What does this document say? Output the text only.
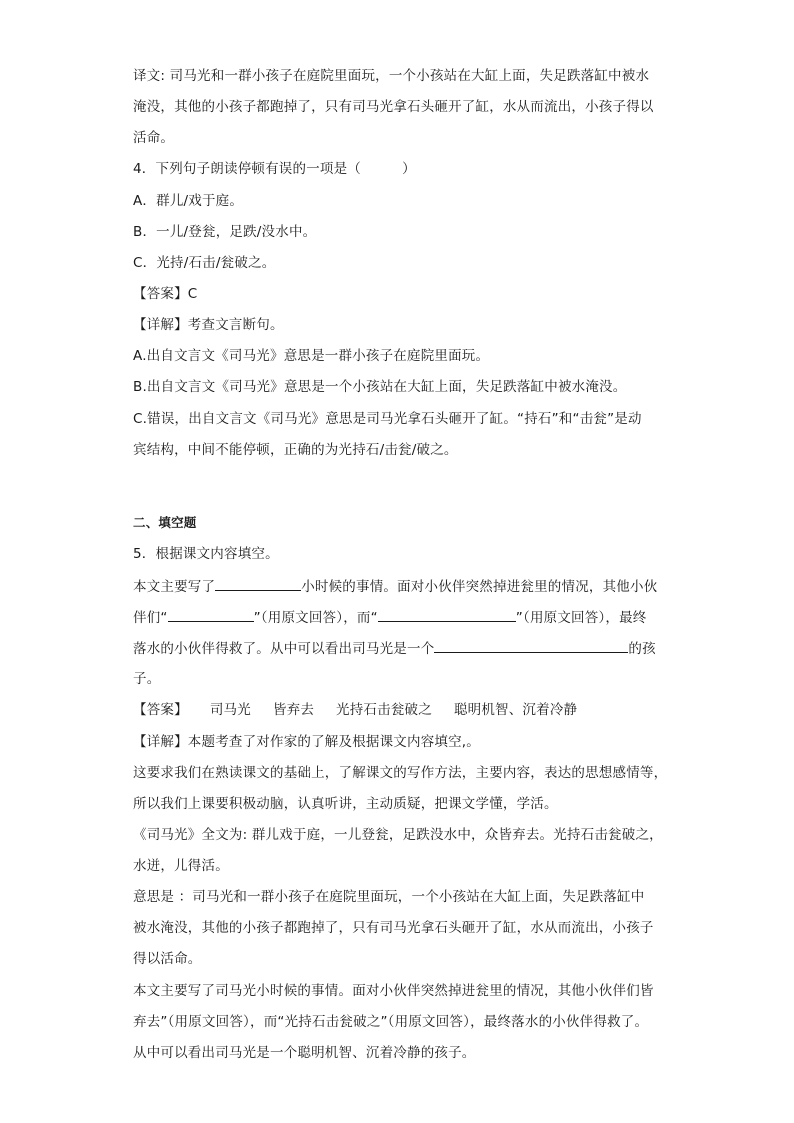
译文: 司马光和一群小孩子在庭院里面玩，一个小孩站在大缸上面，失足跌落缸中被水
淹没，其他的小孩子都跑掉了，只有司马光拿石头砸开了缸，水从而流出，小孩子得以
活命。
4．下列句子朗读停顿有误的一项是（　　　）
A．群儿/戏于庭。
B．一儿/登瓮，足跌/没水中。
C．光持/石击/瓮破之。
【答案】C
【详解】考查文言断句。
A.出自文言文《司马光》意思是一群小孩子在庭院里面玩。
B.出自文言文《司马光》意思是一个小孩站在大缸上面，失足跌落缸中被水淹没。
C.错误，出自文言文《司马光》意思是司马光拿石头砸开了缸。“持石”和“击瓮”是动
宾结构，中间不能停顿，正确的为光持石/击瓮/破之。
二、填空题
5．根据课文内容填空。
本文主要写了	小时候的事情。面对小伙伴突然掉进瓮里的情况，其他小伙
伴们“	”（用原文回答），而“	”（用原文回答），最终
落水的小伙伴得救了。从中可以看出司马光是一个	的孩
子。
【答案】 司马光 皆弃去 光持石击瓮破之 聪明机智、沉着冷静
【详解】本题考查了对作家的了解及根据课文内容填空,。
这要求我们在熟读课文的基础上，了解课文的写作方法，主要内容，表达的思想感情等，
所以我们上课要积极动脑，认真听讲，主动质疑，把课文学懂，学活。
《司马光》全文为: 群儿戏于庭，一儿登瓮，足跌没水中，众皆弃去。光持石击瓮破之，
水迸，儿得活。
意思是 ：司马光和一群小孩子在庭院里面玩，一个小孩站在大缸上面，失足跌落缸中
被水淹没，其他的小孩子都跑掉了，只有司马光拿石头砸开了缸，水从而流出，小孩子
得以活命。
本文主要写了司马光小时候的事情。面对小伙伴突然掉进瓮里的情况，其他小伙伴们皆
弃去”（用原文回答），而“光持石击瓮破之”（用原文回答），最终落水的小伙伴得救了。
从中可以看出司马光是一个聪明机智、沉着冷静的孩子。
